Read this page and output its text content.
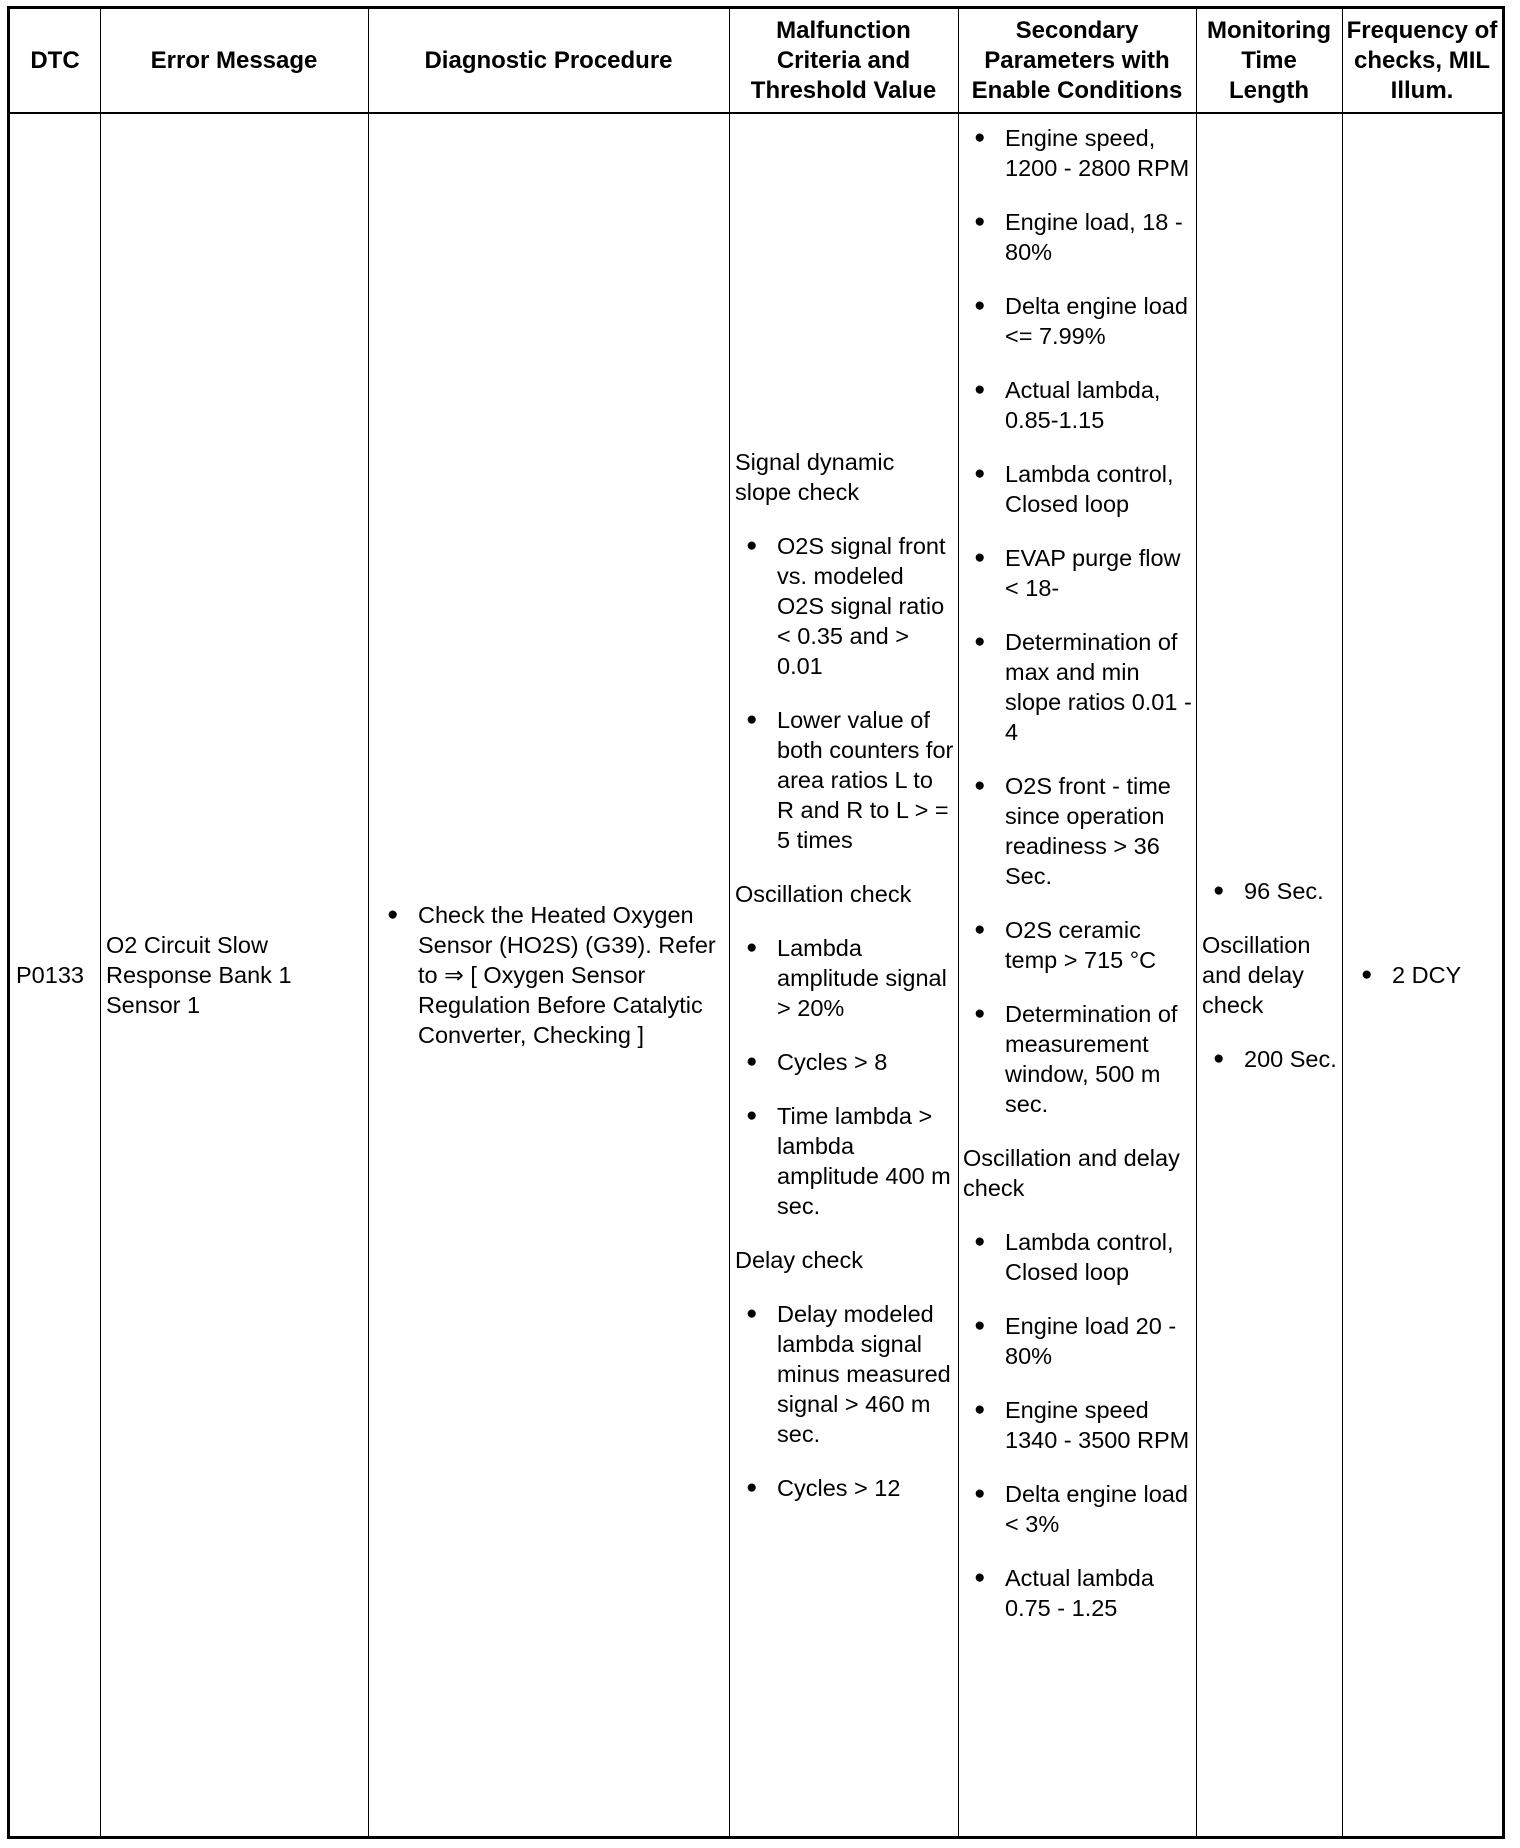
DTC	Error Message	Diagnostic Procedure
Malfunction Criteria and Threshold Value
Secondary Parameters with Enable Conditions
Monitoring Time Length
Frequency of checks, MIL Illum.
P0133
O2 Circuit Slow Response Bank 1 Sensor 1
● Check the Heated Oxygen Sensor (HO2S) (G39). Refer to ⇒ [ Oxygen Sensor Regulation Before Catalytic Converter, Checking ]
Signal dynamic slope check
● O2S signal front vs. modeled O2S signal ratio < 0.35 and > 0.01
● Lower value of both counters for area ratios L to R and R to L > = 5 times
Oscillation check
● Lambda amplitude signal > 20%
● Cycles > 8
● Time lambda > lambda amplitude 400 m sec.
Delay check
● Delay modeled lambda signal minus measured signal > 460 m sec.
● Cycles > 12
● Engine speed, 1200 - 2800 RPM
● Engine load, 18 - 80%
● Delta engine load <= 7.99%
● Actual lambda, 0.85-1.15
● Lambda control, Closed loop
● EVAP purge flow < 18-
● Determination of max and min slope ratios 0.01 - 4
● O2S front - time since operation readiness > 36 Sec.
● O2S ceramic temp > 715 °C
● Determination of measurement window, 500 m sec.
Oscillation and delay check
● Lambda control, Closed loop
● Engine load 20 - 80%
● Engine speed 1340 - 3500 RPM
● Delta engine load < 3%
● Actual lambda 0.75 - 1.25
● 96 Sec.
Oscillation and delay check
● 200 Sec.
● 2 DCY
